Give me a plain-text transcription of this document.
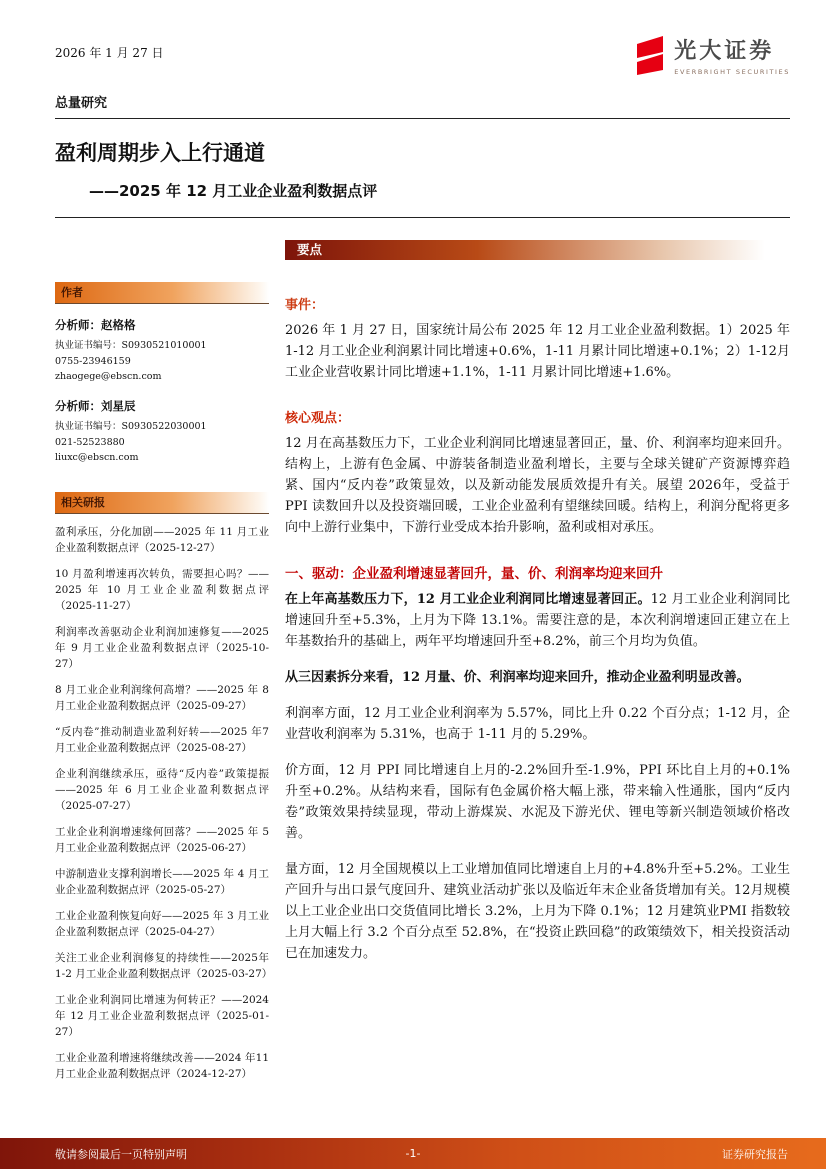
2026 年 1 月 27 日	光大证券
EVERBRIGHT SECURITIES
总量研究
盈利周期步入上行通道
——2025 年 12 月工业企业盈利数据点评
作者
分析师：赵格格
执业证书编号：S0930521010001
0755-23946159
zhaogege@ebscn.com
分析师：刘星辰
执业证书编号：S0930522030001
021-52523880
liuxc@ebscn.com
相关研报
盈利承压，分化加剧——2025 年 11 月工业企业盈利数据点评（2025-12-27）
10 月盈利增速再次转负，需要担心吗？——2025 年 10 月工业企业盈利数据点评（2025-11-27）
利润率改善驱动企业利润加速修复——2025年 9 月工业企业盈利数据点评（2025-10-27）
8 月工业企业利润缘何高增？——2025 年 8月工业企业盈利数据点评（2025-09-27）
“反内卷”推动制造业盈利好转——2025 年7 月工业企业盈利数据点评（2025-08-27）
企业利润继续承压，亟待“反内卷”政策提振——2025 年 6 月工业企业盈利数据点评（2025-07-27）
工业企业利润增速缘何回落？——2025 年 5月工业企业盈利数据点评（2025-06-27）
中游制造业支撑利润增长——2025 年 4 月工业企业盈利数据点评（2025-05-27）
工业企业盈利恢复向好——2025 年 3 月工业企业盈利数据点评（2025-04-27）
关注工业企业利润修复的持续性——2025年 1-2 月工业企业盈利数据点评（2025-03-27）
工业企业利润同比增速为何转正？——2024年 12 月工业企业盈利数据点评（2025-01-27）
工业企业盈利增速将继续改善——2024 年11 月工业企业盈利数据点评（2024-12-27）
要点
事件：

2026 年 1 月 27 日，国家统计局公布 2025 年 12 月工业企业盈利数据。1）2025 年1-12 月工业企业利润累计同比增速+0.6%，1-11 月累计同比增速+0.1%；2）1-12月工业企业营收累计同比增速+1.1%，1-11 月累计同比增速+1.6%。

核心观点：

12 月在高基数压力下，工业企业利润同比增速显著回正，量、价、利润率均迎来回升。结构上，上游有色金属、中游装备制造业盈利增长，主要与全球关键矿产资源博弈趋紧、国内“反内卷”政策显效，以及新动能发展质效提升有关。展望 2026年，受益于 PPI 读数回升以及投资端回暖，工业企业盈利有望继续回暖。结构上，利润分配将更多向中上游行业集中，下游行业受成本抬升影响，盈利或相对承压。

一、驱动：企业盈利增速显著回升，量、价、利润率均迎来回升

在上年高基数压力下，12 月工业企业利润同比增速显著回正。12 月工业企业利润同比增速回升至+5.3%，上月为下降 13.1%。需要注意的是，本次利润增速回正建立在上年基数抬升的基础上，两年平均增速回升至+8.2%，前三个月均为负值。

从三因素拆分来看，12 月量、价、利润率均迎来回升，推动企业盈利明显改善。

利润率方面，12 月工业企业利润率为 5.57%，同比上升 0.22 个百分点；1-12 月，企业营收利润率为 5.31%，也高于 1-11 月的 5.29%。

价方面，12 月 PPI 同比增速自上月的-2.2%回升至-1.9%，PPI 环比自上月的+0.1%升至+0.2%。从结构来看，国际有色金属价格大幅上涨，带来输入性通胀，国内“反内卷”政策效果持续显现，带动上游煤炭、水泥及下游光伏、锂电等新兴制造领域价格改善。

量方面，12 月全国规模以上工业增加值同比增速自上月的+4.8%升至+5.2%。工业生产回升与出口景气度回升、建筑业活动扩张以及临近年末企业备货增加有关。12月规模以上工业企业出口交货值同比增长 3.2%，上月为下降 0.1%；12 月建筑业PMI 指数较上月大幅上行 3.2 个百分点至 52.8%，在“投资止跌回稳”的政策绩效下，相关投资活动已在加速发力。

敬请参阅最后一页特别声明	-1-	证券研究报告
